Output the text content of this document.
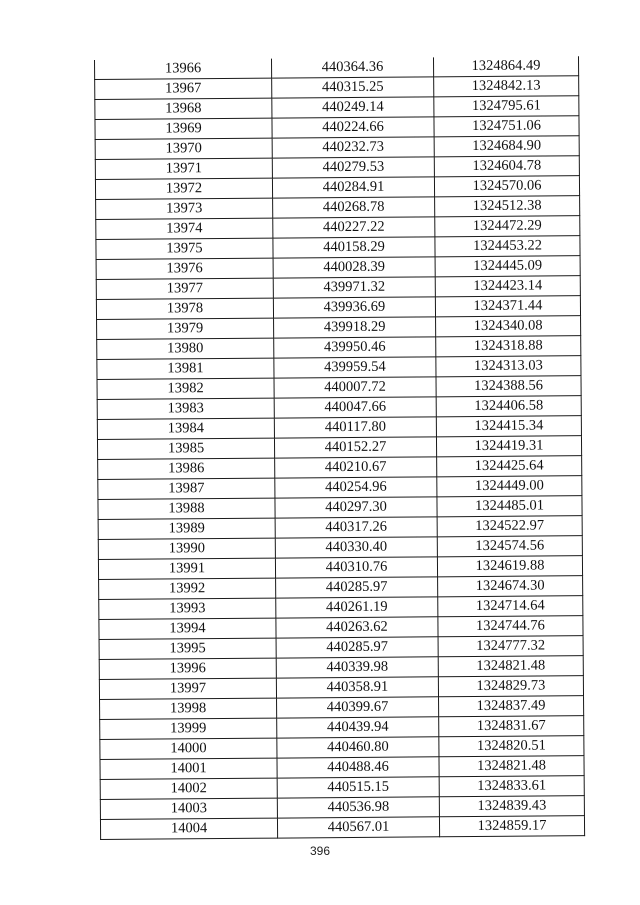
13966	440364.36	1324864.49
13967	440315.25	1324842.13
13968	440249.14	1324795.61
13969	440224.66	1324751.06
13970	440232.73	1324684.90
13971	440279.53	1324604.78
13972	440284.91	1324570.06
13973	440268.78	1324512.38
13974	440227.22	1324472.29
13975	440158.29	1324453.22
13976	440028.39	1324445.09
13977	439971.32	1324423.14
13978	439936.69	1324371.44
13979	439918.29	1324340.08
13980	439950.46	1324318.88
13981	439959.54	1324313.03
13982	440007.72	1324388.56
13983	440047.66	1324406.58
13984	440117.80	1324415.34
13985	440152.27	1324419.31
13986	440210.67	1324425.64
13987	440254.96	1324449.00
13988	440297.30	1324485.01
13989	440317.26	1324522.97
13990	440330.40	1324574.56
13991	440310.76	1324619.88
13992	440285.97	1324674.30
13993	440261.19	1324714.64
13994	440263.62	1324744.76
13995	440285.97	1324777.32
13996	440339.98	1324821.48
13997	440358.91	1324829.73
13998	440399.67	1324837.49
13999	440439.94	1324831.67
14000	440460.80	1324820.51
14001	440488.46	1324821.48
14002	440515.15	1324833.61
14003	440536.98	1324839.43
14004	440567.01	1324859.17
396
